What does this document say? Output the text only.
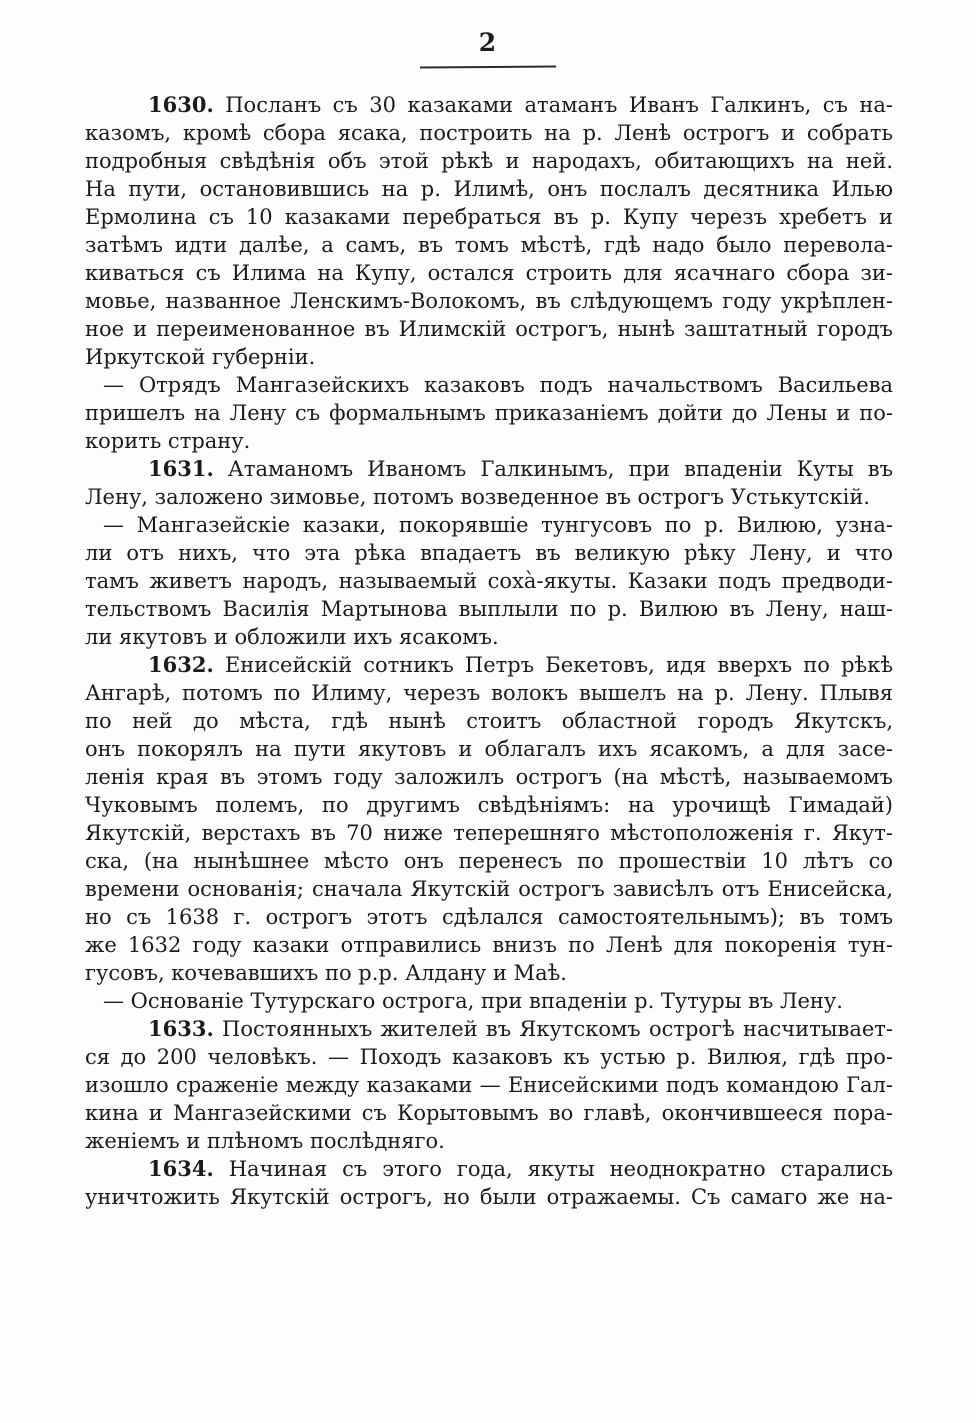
2
1630. Посланъ съ 30 казаками атаманъ Иванъ Галкинъ, съ на-
казомъ, кромѣ сбора ясака, построить на р. Ленѣ острогъ и собрать
подробныя свѣдѣнія объ этой рѣкѣ и народахъ, обитающихъ на ней.
На пути, остановившись на р. Илимѣ, онъ послалъ десятника Илью
Ермолина съ 10 казаками перебраться въ р. Купу черезъ хребетъ и
затѣмъ идти далѣе, а самъ, въ томъ мѣстѣ, гдѣ надо было перевола-
киваться съ Илима на Купу, остался строить для ясачнаго сбора зи-
мовье, названное Ленскимъ-Волокомъ, въ слѣдующемъ году укрѣплен-
ное и переименованное въ Илимскій острогъ, нынѣ заштатный городъ
Иркутской губерніи.
— Отрядъ Мангазейскихъ казаковъ подъ начальствомъ Васильева
пришелъ на Лену съ формальнымъ приказаніемъ дойти до Лены и по-
корить страну.
1631. Атаманомъ Иваномъ Галкинымъ, при впаденіи Куты въ
Лену, заложено зимовье, потомъ возведенное въ острогъ Устькутскій.
— Мангазейскіе казаки, покорявшіе тунгусовъ по р. Вилюю, узна-
ли отъ нихъ, что эта рѣка впадаетъ въ великую рѣку Лену, и что
тамъ живетъ народъ, называемый соха̀-якуты. Казаки подъ предводи-
тельствомъ Василія Мартынова выплыли по р. Вилюю въ Лену, наш-
ли якутовъ и обложили ихъ ясакомъ.
1632. Енисейскій сотникъ Петръ Бекетовъ, идя вверхъ по рѣкѣ
Ангарѣ, потомъ по Илиму, черезъ волокъ вышелъ на р. Лену. Плывя
по ней до мѣста, гдѣ нынѣ стоитъ областной городъ Якутскъ,
онъ покорялъ на пути якутовъ и облагалъ ихъ ясакомъ, а для засе-
ленія края въ этомъ году заложилъ острогъ (на мѣстѣ, называемомъ
Чуковымъ полемъ, по другимъ свѣдѣніямъ: на урочищѣ Гимадай)
Якутскій, верстахъ въ 70 ниже теперешняго мѣстоположенія г. Якут-
ска, (на нынѣшнее мѣсто онъ перенесъ по прошествіи 10 лѣтъ со
времени основанія; сначала Якутскій острогъ зависѣлъ отъ Енисейска,
но съ 1638 г. острогъ этотъ сдѣлался самостоятельнымъ); въ томъ
же 1632 году казаки отправились внизъ по Ленѣ для покоренія тун-
гусовъ, кочевавшихъ по р.р. Алдану и Маѣ.
— Основаніе Тутурскаго острога, при впаденіи р. Тутуры въ Лену.
1633. Постоянныхъ жителей въ Якутскомъ острогѣ насчитывает-
ся до 200 человѣкъ. — Походъ казаковъ къ устью р. Вилюя, гдѣ про-
изошло сраженіе между казаками — Енисейскими подъ командою Гал-
кина и Мангазейскими съ Корытовымъ во главѣ, окончившееся пора-
женіемъ и плѣномъ послѣдняго.
1634. Начиная съ этого года, якуты неоднократно старались
уничтожить Якутскій острогъ, но были отражаемы. Съ самаго же на-
